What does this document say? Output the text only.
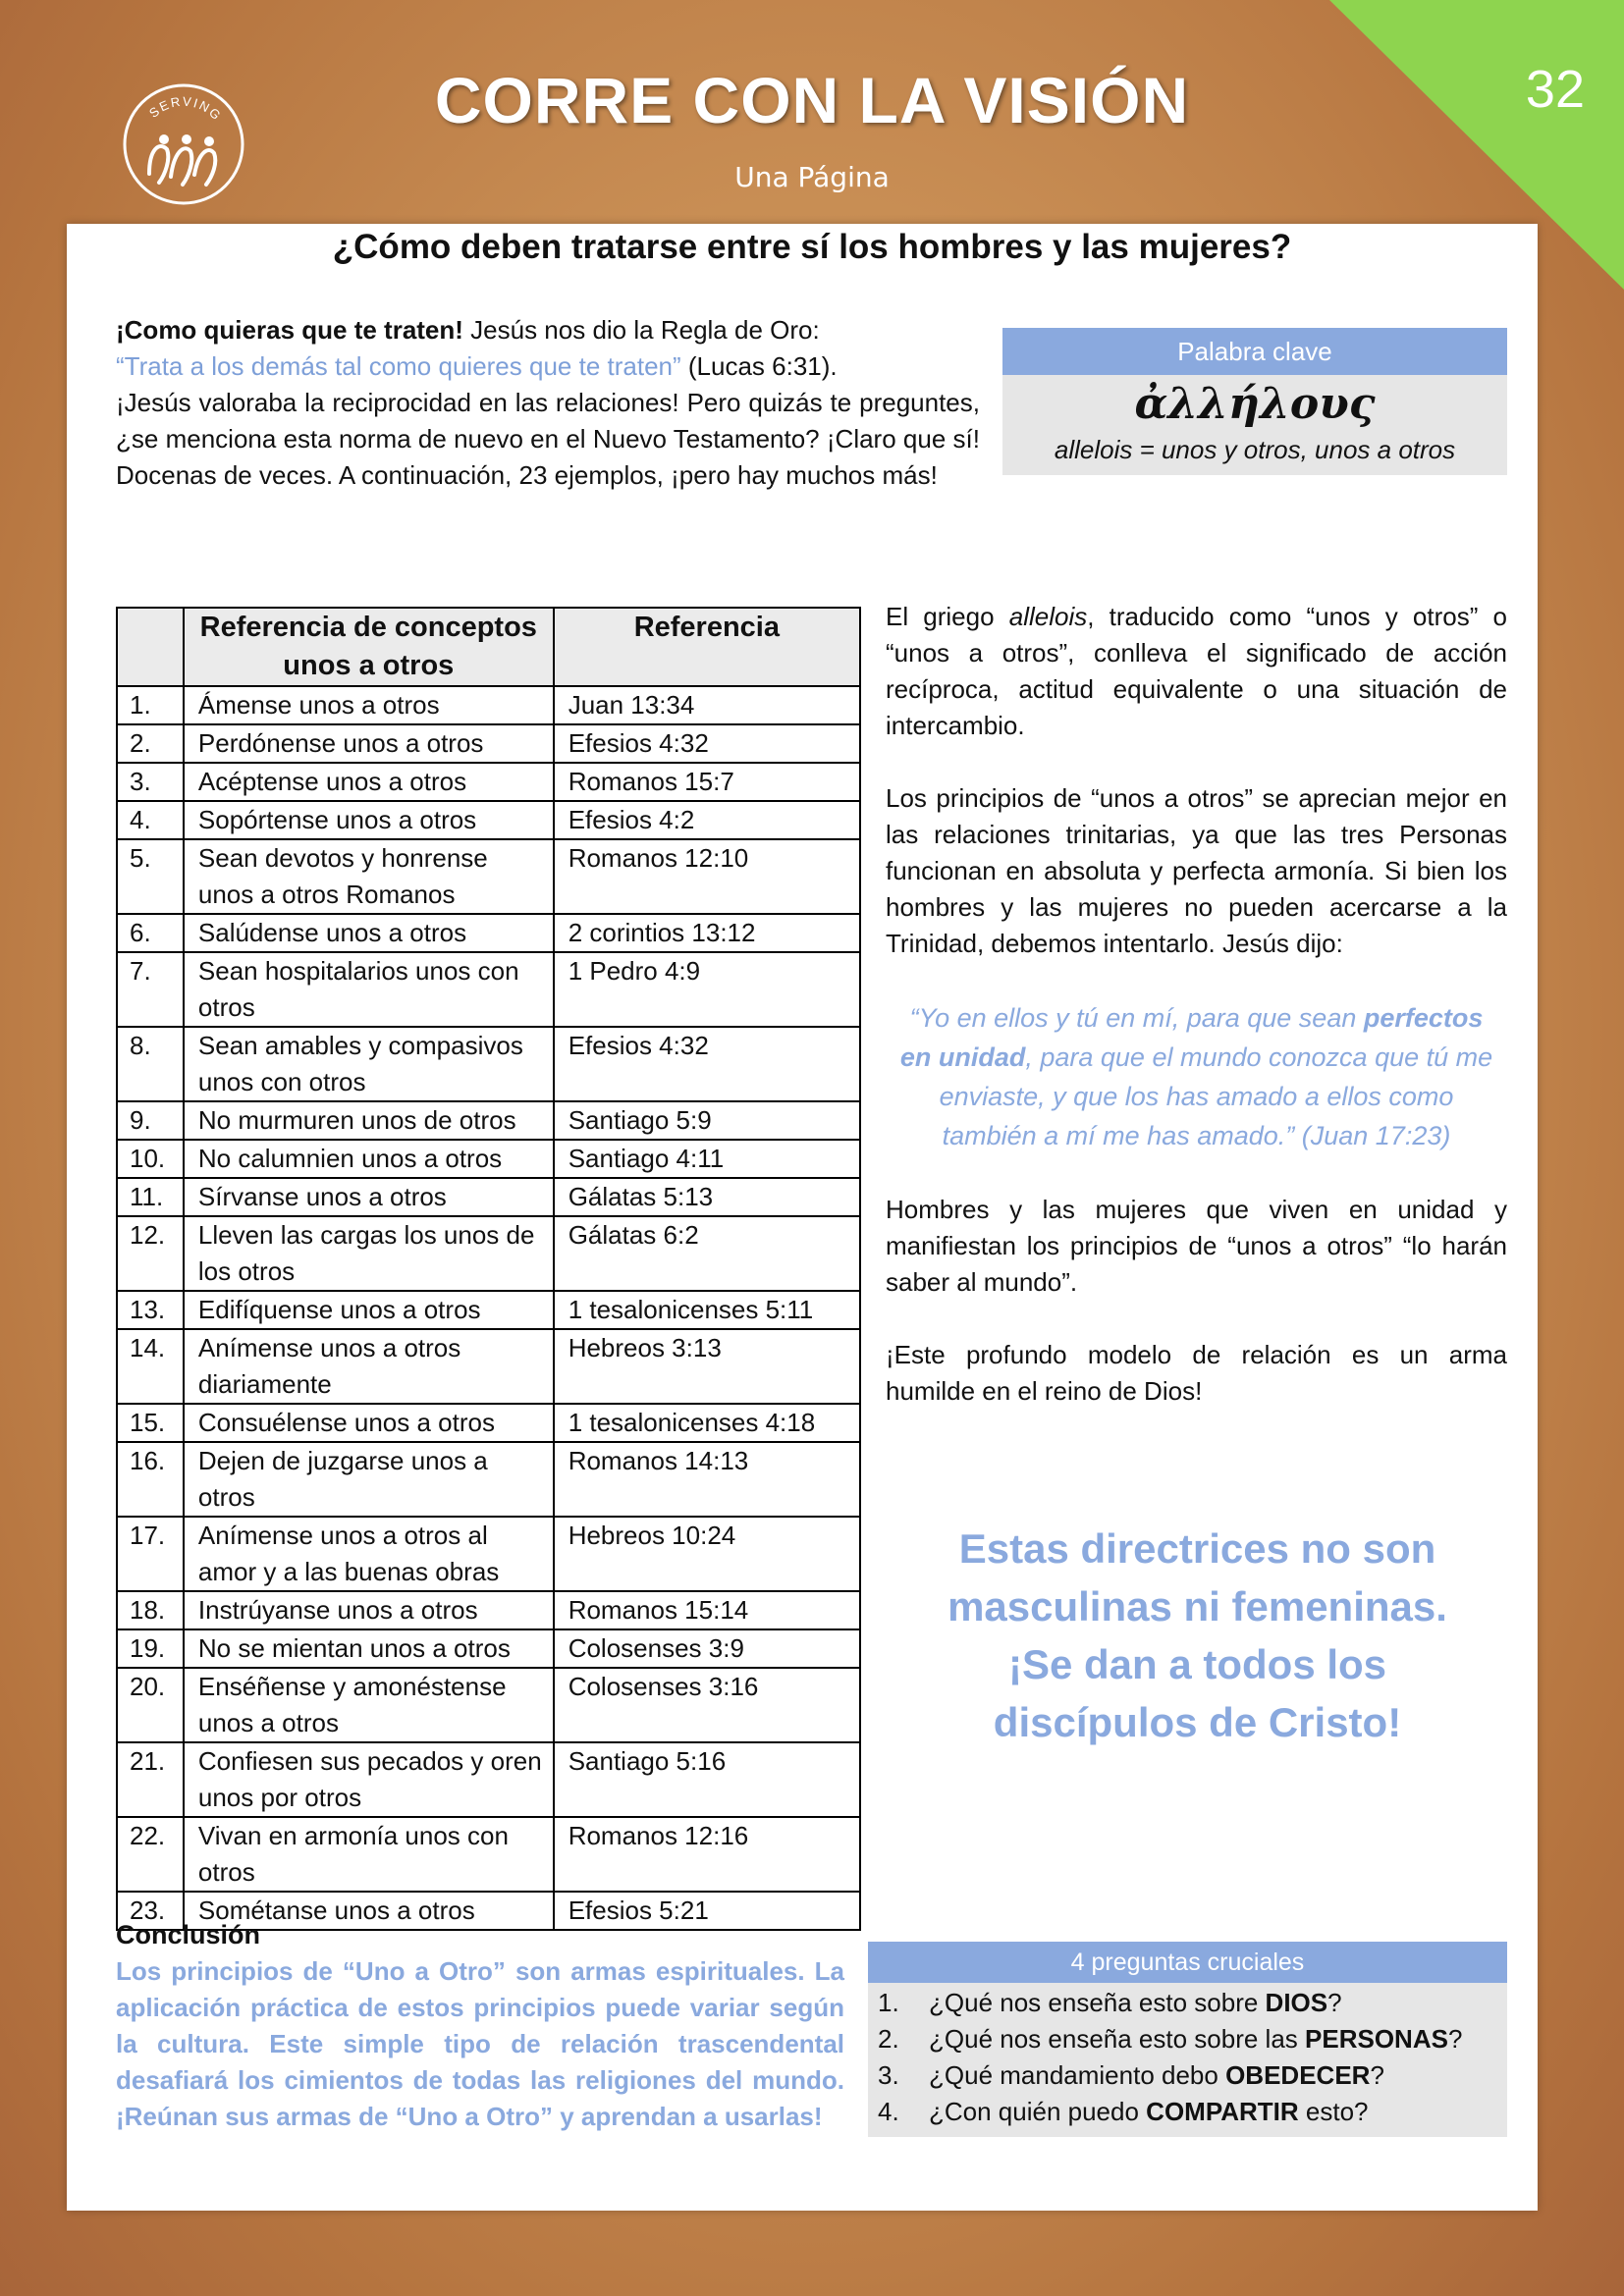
32
SERVING	CORRE CON LA VISIÓN
Una Página
¿Cómo deben tratarse entre sí los hombres y las mujeres?
¡Como quieras que te traten! Jesús nos dio la Regla de Oro:
“Trata a los demás tal como quieres que te traten” (Lucas 6:31).
¡Jesús valoraba la reciprocidad en las relaciones! Pero quizás te preguntes, ¿se menciona esta norma de nuevo en el Nuevo Testamento? ¡Claro que sí! Docenas de veces. A continuación, 23 ejemplos, ¡pero hay muchos más!
Palabra clave
ἀλλήλους
allelois = unos y otros, unos a otros
	Referencia de conceptos unos a otros	Referencia
1.	Ámense unos a otros	Juan 13:34
2.	Perdónense unos a otros	Efesios 4:32
3.	Acéptense unos a otros	Romanos 15:7
4.	Sopórtense unos a otros	Efesios 4:2
5.	Sean devotos y honrense unos a otros Romanos	Romanos 12:10
6.	Salúdense unos a otros	2 corintios 13:12
7.	Sean hospitalarios unos con otros	1 Pedro 4:9
8.	Sean amables y compasivos unos con otros	Efesios 4:32
9.	No murmuren unos de otros	Santiago 5:9
10.	No calumnien unos a otros	Santiago 4:11
11.	Sírvanse unos a otros	Gálatas 5:13
12.	Lleven las cargas los unos de los otros	Gálatas 6:2
13.	Edifíquense unos a otros	1 tesalonicenses 5:11
14.	Anímense unos a otros diariamente	Hebreos 3:13
15.	Consuélense unos a otros	1 tesalonicenses 4:18
16.	Dejen de juzgarse unos a otros	Romanos 14:13
17.	Anímense unos a otros al amor y a las buenas obras	Hebreos 10:24
18.	Instrúyanse unos a otros	Romanos 15:14
19.	No se mientan unos a otros	Colosenses 3:9
20.	Enséñense y amonéstense unos a otros	Colosenses 3:16
21.	Confiesen sus pecados y oren unos por otros	Santiago 5:16
22.	Vivan en armonía unos con otros	Romanos 12:16
23.	Sométanse unos a otros	Efesios 5:21

El griego allelois, traducido como “unos y otros” o “unos a otros”, conlleva el significado de acción recíproca, actitud equivalente o una situación de intercambio.

Los principios de “unos a otros” se aprecian mejor en las relaciones trinitarias, ya que las tres Personas funcionan en absoluta y perfecta armonía. Si bien los hombres y las mujeres no pueden acercarse a la Trinidad, debemos intentarlo. Jesús dijo:

“Yo en ellos y tú en mí, para que sean perfectos en unidad, para que el mundo conozca que tú me enviaste, y que los has amado a ellos como también a mí me has amado.” (Juan 17:23)

Hombres y las mujeres que viven en unidad y manifiestan los principios de “unos a otros” “lo harán saber al mundo”.

¡Este profundo modelo de relación es un arma humilde en el reino de Dios!

Estas directrices no son masculinas ni femeninas.
¡Se dan a todos los discípulos de Cristo!
Conclusión
Los principios de “Uno a Otro” son armas espirituales. La aplicación práctica de estos principios puede variar según la cultura. Este simple tipo de relación trascendental desafiará los cimientos de todas las religiones del mundo. ¡Reúnan sus armas de “Uno a Otro” y aprendan a usarlas!
4 preguntas cruciales
1.	¿Qué nos enseña esto sobre DIOS?
2.	¿Qué nos enseña esto sobre las PERSONAS?
3.	¿Qué mandamiento debo OBEDECER?
4.	¿Con quién puedo COMPARTIR esto?
